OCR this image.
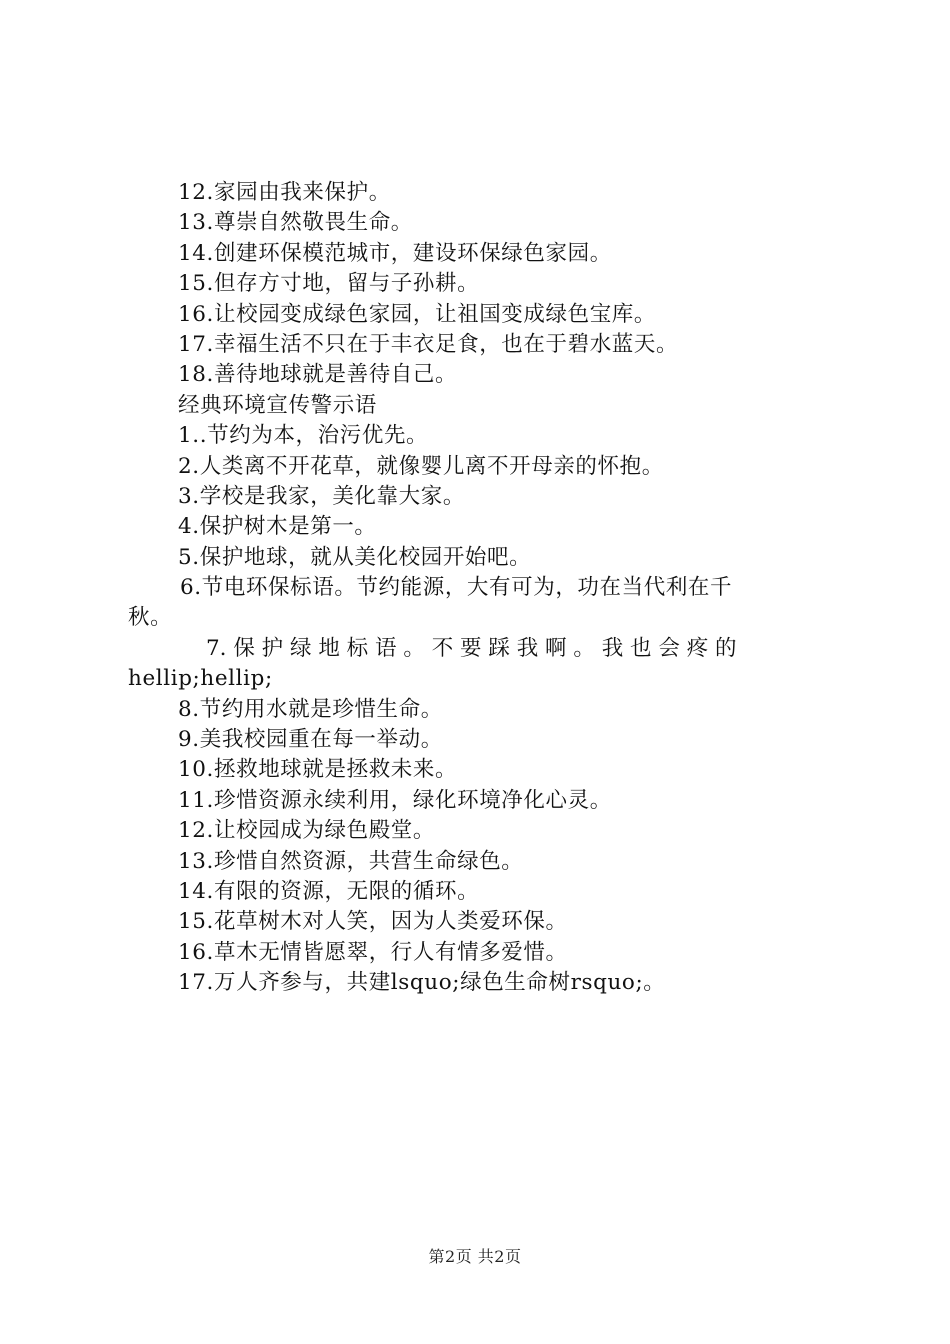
12.家园由我来保护。
13.尊崇自然敬畏生命。
14.创建环保模范城市，建设环保绿色家园。
15.但存方寸地，留与子孙耕。
16.让校园变成绿色家园，让祖国变成绿色宝库。
17.幸福生活不只在于丰衣足食，也在于碧水蓝天。
18.善待地球就是善待自己。
经典环境宣传警示语
1..节约为本，治污优先。
2.人类离不开花草，就像婴儿离不开母亲的怀抱。
3.学校是我家，美化靠大家。
4.保护树木是第一。
5.保护地球，就从美化校园开始吧。
6.节电环保标语。节约能源，大有可为，功在当代利在千
秋。
7. 保 护 绿 地 标 语 。 不 要 踩 我 啊 。 我 也 会 疼 的
hellip;hellip;
8.节约用水就是珍惜生命。
9.美我校园重在每一举动。
10.拯救地球就是拯救未来。
11.珍惜资源永续利用，绿化环境净化心灵。
12.让校园成为绿色殿堂。
13.珍惜自然资源，共营生命绿色。
14.有限的资源，无限的循环。
15.花草树木对人笑，因为人类爱环保。
16.草木无情皆愿翠，行人有情多爱惜。
17.万人齐参与，共建lsquo;绿色生命树rsquo;。
第2页 共2页
